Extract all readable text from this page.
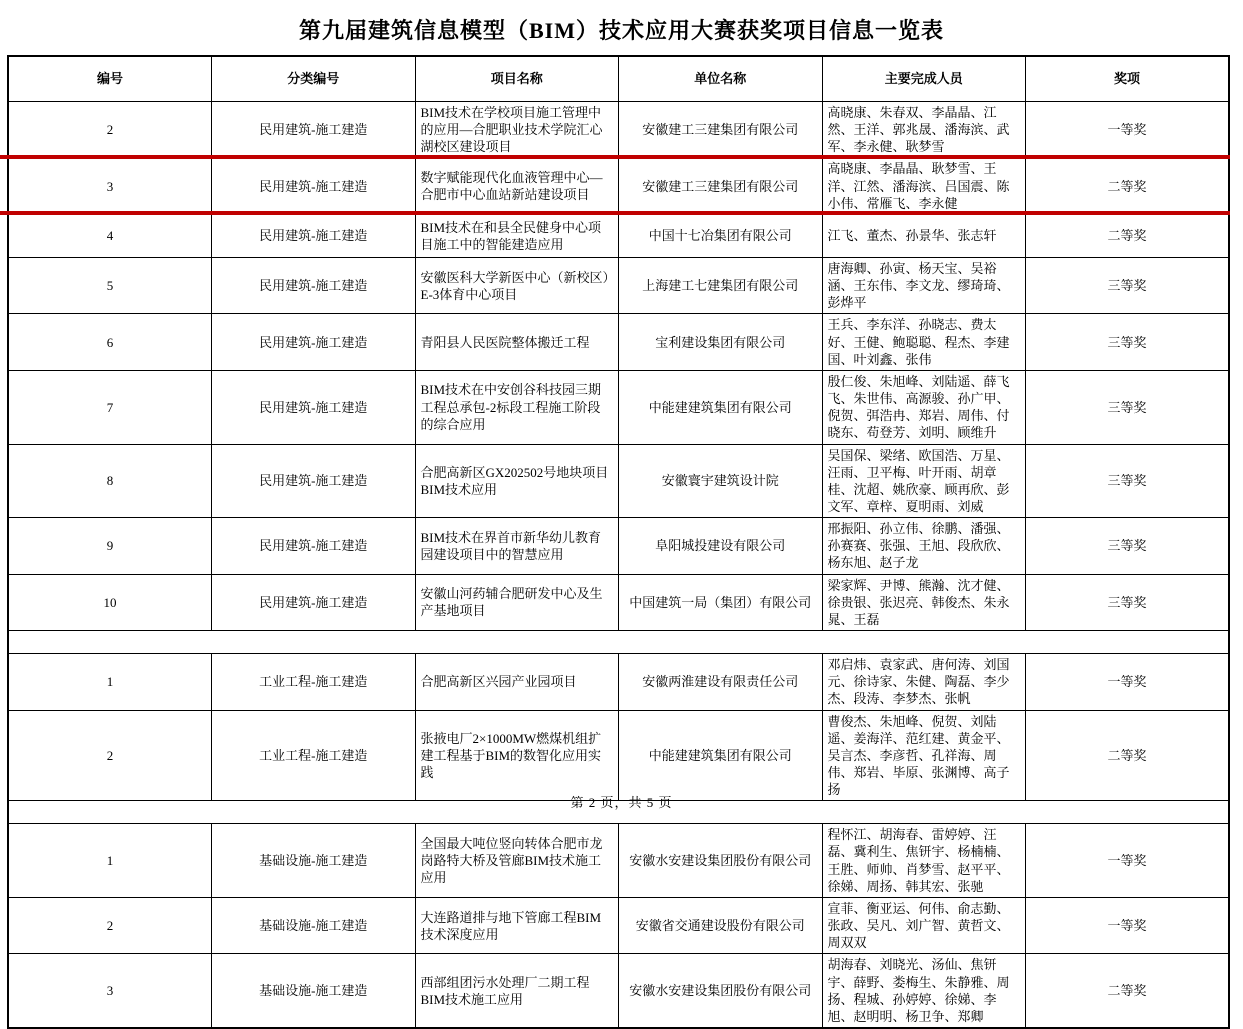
第九届建筑信息模型（BIM）技术应用大赛获奖项目信息一览表
编号	分类编号	项目名称	单位名称	主要完成人员	奖项
2	民用建筑-施工建造	BIM技术在学校项目施工管理中的应用—合肥职业技术学院汇心湖校区建设项目	安徽建工三建集团有限公司	高晓康、朱春双、李晶晶、江然、王洋、郭兆晟、潘海滨、武军、李永健、耿梦雪	一等奖
3	民用建筑-施工建造	数字赋能现代化血液管理中心—合肥市中心血站新站建设项目	安徽建工三建集团有限公司	高晓康、李晶晶、耿梦雪、王洋、江然、潘海滨、吕国震、陈小伟、常雁飞、李永健	二等奖
4	民用建筑-施工建造	BIM技术在和县全民健身中心项目施工中的智能建造应用	中国十七冶集团有限公司	江飞、董杰、孙景华、张志轩	二等奖
5	民用建筑-施工建造	安徽医科大学新医中心（新校区）E-3体育中心项目	上海建工七建集团有限公司	唐海卿、孙寅、杨天宝、吴裕涵、王东伟、李文龙、缪琦琦、彭烨平	三等奖
6	民用建筑-施工建造	青阳县人民医院整体搬迁工程	宝利建设集团有限公司	王兵、李东洋、孙晓志、费太好、王健、鲍聪聪、程杰、李建国、叶刘鑫、张伟	三等奖
7	民用建筑-施工建造	BIM技术在中安创谷科技园三期工程总承包-2标段工程施工阶段的综合应用	中能建建筑集团有限公司	殷仁俊、朱旭峰、刘陆遥、薛飞飞、朱世伟、高源骏、孙广甲、倪贺、弭浩冉、郑岩、周伟、付晓东、苟登芳、刘明、顾维升	三等奖
8	民用建筑-施工建造	合肥高新区GX202502号地块项目BIM技术应用	安徽寰宇建筑设计院	吴国保、梁绪、欧国浩、万星、汪雨、卫平梅、叶开雨、胡章桂、沈超、姚欣豪、顾再欣、彭文军、章梓、夏明雨、刘威	三等奖
9	民用建筑-施工建造	BIM技术在界首市新华幼儿教育园建设项目中的智慧应用	阜阳城投建设有限公司	邢振阳、孙立伟、徐鹏、潘强、孙赛赛、张强、王旭、段欣欣、杨东旭、赵子龙	三等奖
10	民用建筑-施工建造	安徽山河药辅合肥研发中心及生产基地项目	中国建筑一局（集团）有限公司	梁家辉、尹博、熊瀚、沈才健、徐贵银、张迟亮、韩俊杰、朱永晁、王磊	三等奖

1	工业工程-施工建造	合肥高新区兴园产业园项目	安徽两淮建设有限责任公司	邓启炜、袁家武、唐何涛、刘国元、徐诗家、朱健、陶磊、李少杰、段涛、李梦杰、张帆	一等奖
2	工业工程-施工建造	张掖电厂2×1000MW燃煤机组扩建工程基于BIM的数智化应用实践	中能建建筑集团有限公司	曹俊杰、朱旭峰、倪贺、刘陆遥、姜海洋、范红建、黄金平、吴言杰、李彦哲、孔祥海、周伟、郑岩、毕原、张渊博、高子扬	二等奖

1	基础设施-施工建造	全国最大吨位竖向转体合肥市龙岗路特大桥及管廊BIM技术施工应用	安徽水安建设集团股份有限公司	程怀江、胡海春、雷婷婷、汪磊、冀利生、焦钘宇、杨楠楠、王胜、师帅、肖梦雪、赵平平、徐娣、周扬、韩其宏、张驰	一等奖
2	基础设施-施工建造	大连路道排与地下管廊工程BIM技术深度应用	安徽省交通建设股份有限公司	宣菲、衡亚运、何伟、俞志勤、张政、吴凡、刘广智、黄哲文、周双双	一等奖
3	基础设施-施工建造	西部组团污水处理厂二期工程BIM技术施工应用	安徽水安建设集团股份有限公司	胡海春、刘晓光、汤仙、焦钘宇、薛野、娄梅生、朱静雅、周扬、程城、孙婷婷、徐娣、李旭、赵明明、杨卫争、郑卿	二等奖
第 2 页，共 5 页
